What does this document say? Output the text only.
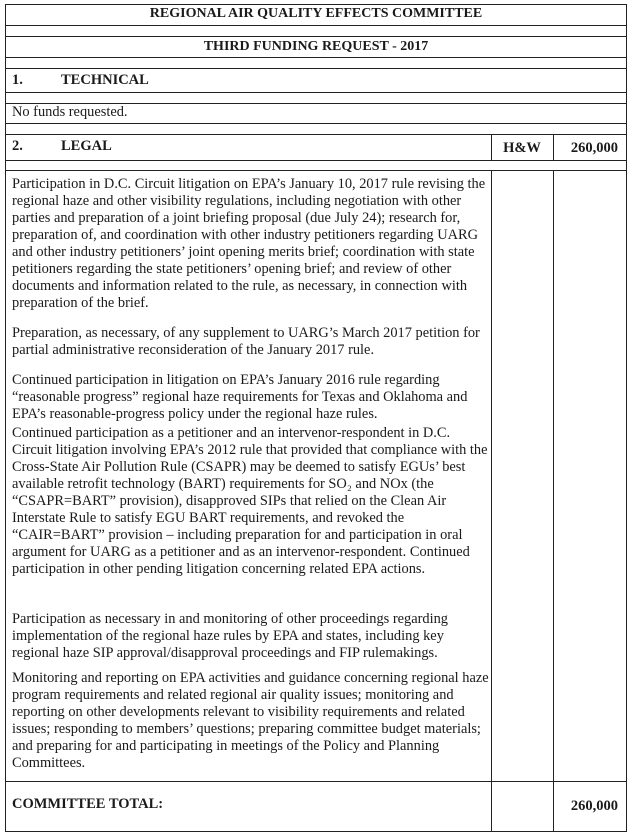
REGIONAL AIR QUALITY EFFECTS COMMITTEE
THIRD FUNDING REQUEST - 2017
1.	TECHNICAL
No funds requested.
2.	LEGAL	H&W	260,000

Participation in D.C. Circuit litigation on EPA’s January 10, 2017 rule revising the regional haze and other visibility regulations, including negotiation with other parties and preparation of a joint briefing proposal (due July 24); research for, preparation of, and coordination with other industry petitioners regarding UARG and other industry petitioners’ joint opening merits brief; coordination with state petitioners regarding the state petitioners’ opening brief; and review of other documents and information related to the rule, as necessary, in connection with preparation of the brief.

Preparation, as necessary, of any supplement to UARG’s March 2017 petition for partial administrative reconsideration of the January 2017 rule.

Continued participation in litigation on EPA’s January 2016 rule regarding “reasonable progress” regional haze requirements for Texas and Oklahoma and EPA’s reasonable-progress policy under the regional haze rules.

Continued participation as a petitioner and an intervenor-respondent in D.C. Circuit litigation involving EPA’s 2012 rule that provided that compliance with the Cross-State Air Pollution Rule (CSAPR) may be deemed to satisfy EGUs’ best available retrofit technology (BART) requirements for SO₂ and NOx (the “CSAPR=BART” provision), disapproved SIPs that relied on the Clean Air Interstate Rule to satisfy EGU BART requirements, and revoked the “CAIR=BART” provision – including preparation for and participation in oral argument for UARG as a petitioner and as an intervenor-respondent. Continued participation in other pending litigation concerning related EPA actions.

Participation as necessary in and monitoring of other proceedings regarding implementation of the regional haze rules by EPA and states, including key regional haze SIP approval/disapproval proceedings and FIP rulemakings.

Monitoring and reporting on EPA activities and guidance concerning regional haze program requirements and related regional air quality issues; monitoring and reporting on other developments relevant to visibility requirements and related issues; responding to members’ questions; preparing committee budget materials; and preparing for and participating in meetings of the Policy and Planning Committees.

COMMITTEE TOTAL:	260,000
